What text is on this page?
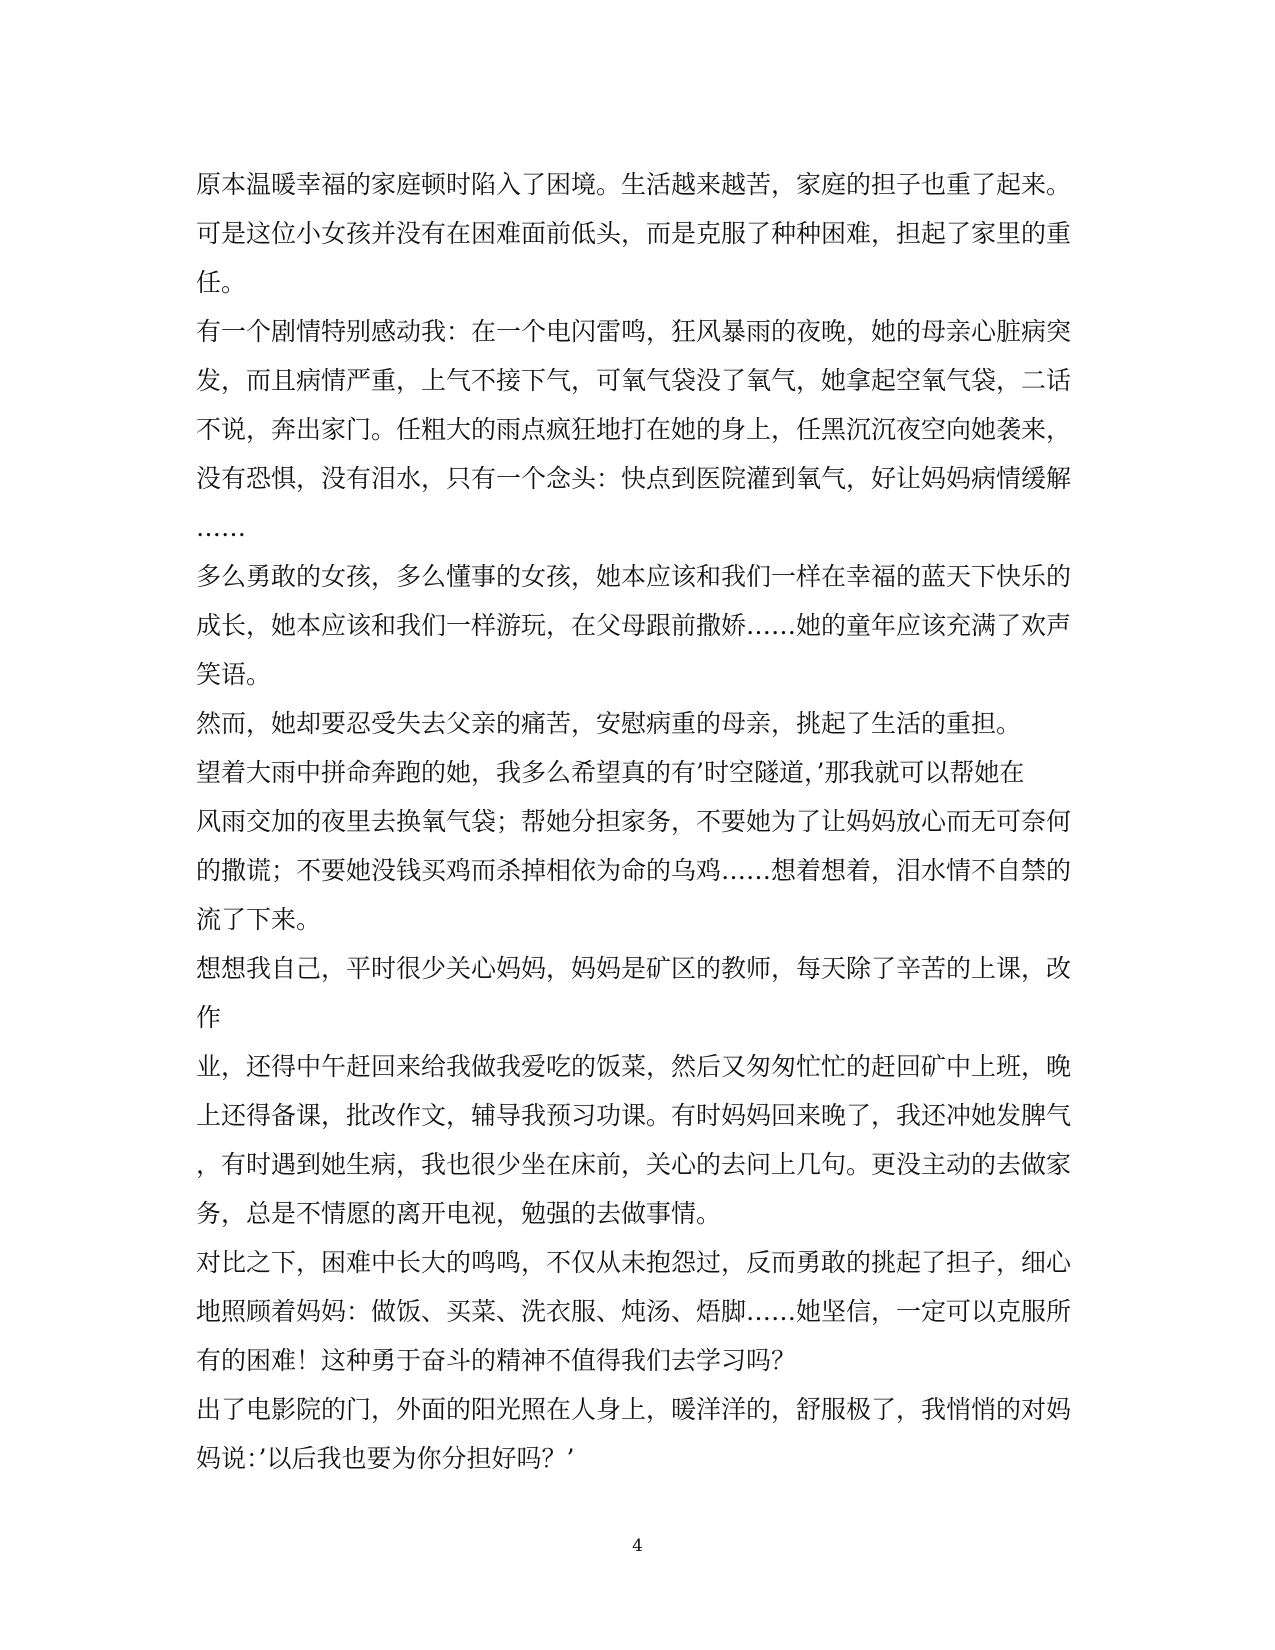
原本温暖幸福的家庭顿时陷入了困境。生活越来越苦，家庭的担子也重了起来。
可是这位小女孩并没有在困难面前低头，而是克服了种种困难，担起了家里的重
任。
有一个剧情特别感动我：在一个电闪雷鸣，狂风暴雨的夜晚，她的母亲心脏病突
发，而且病情严重，上气不接下气，可氧气袋没了氧气，她拿起空氧气袋，二话
不说，奔出家门。任粗大的雨点疯狂地打在她的身上，任黑沉沉夜空向她袭来，
没有恐惧，没有泪水，只有一个念头：快点到医院灌到氧气，好让妈妈病情缓解
……
多么勇敢的女孩，多么懂事的女孩，她本应该和我们一样在幸福的蓝天下快乐的
成长，她本应该和我们一样游玩，在父母跟前撒娇……她的童年应该充满了欢声
笑语。
然而，她却要忍受失去父亲的痛苦，安慰病重的母亲，挑起了生活的重担。
望着大雨中拼命奔跑的她，我多么希望真的有’时空隧道，’那我就可以帮她在
风雨交加的夜里去换氧气袋；帮她分担家务，不要她为了让妈妈放心而无可奈何
的撒谎；不要她没钱买鸡而杀掉相依为命的乌鸡……想着想着，泪水情不自禁的
流了下来。
想想我自己，平时很少关心妈妈，妈妈是矿区的教师，每天除了辛苦的上课，改
作
业，还得中午赶回来给我做我爱吃的饭菜，然后又匆匆忙忙的赶回矿中上班，晚
上还得备课，批改作文，辅导我预习功课。有时妈妈回来晚了，我还冲她发脾气
，有时遇到她生病，我也很少坐在床前，关心的去问上几句。更没主动的去做家
务，总是不情愿的离开电视，勉强的去做事情。
对比之下，困难中长大的鸣鸣，不仅从未抱怨过，反而勇敢的挑起了担子，细心
地照顾着妈妈：做饭、买菜、洗衣服、炖汤、焐脚……她坚信，一定可以克服所
有的困难！这种勇于奋斗的精神不值得我们去学习吗？
出了电影院的门，外面的阳光照在人身上，暖洋洋的，舒服极了，我悄悄的对妈
妈说：’以后我也要为你分担好吗？’
4
